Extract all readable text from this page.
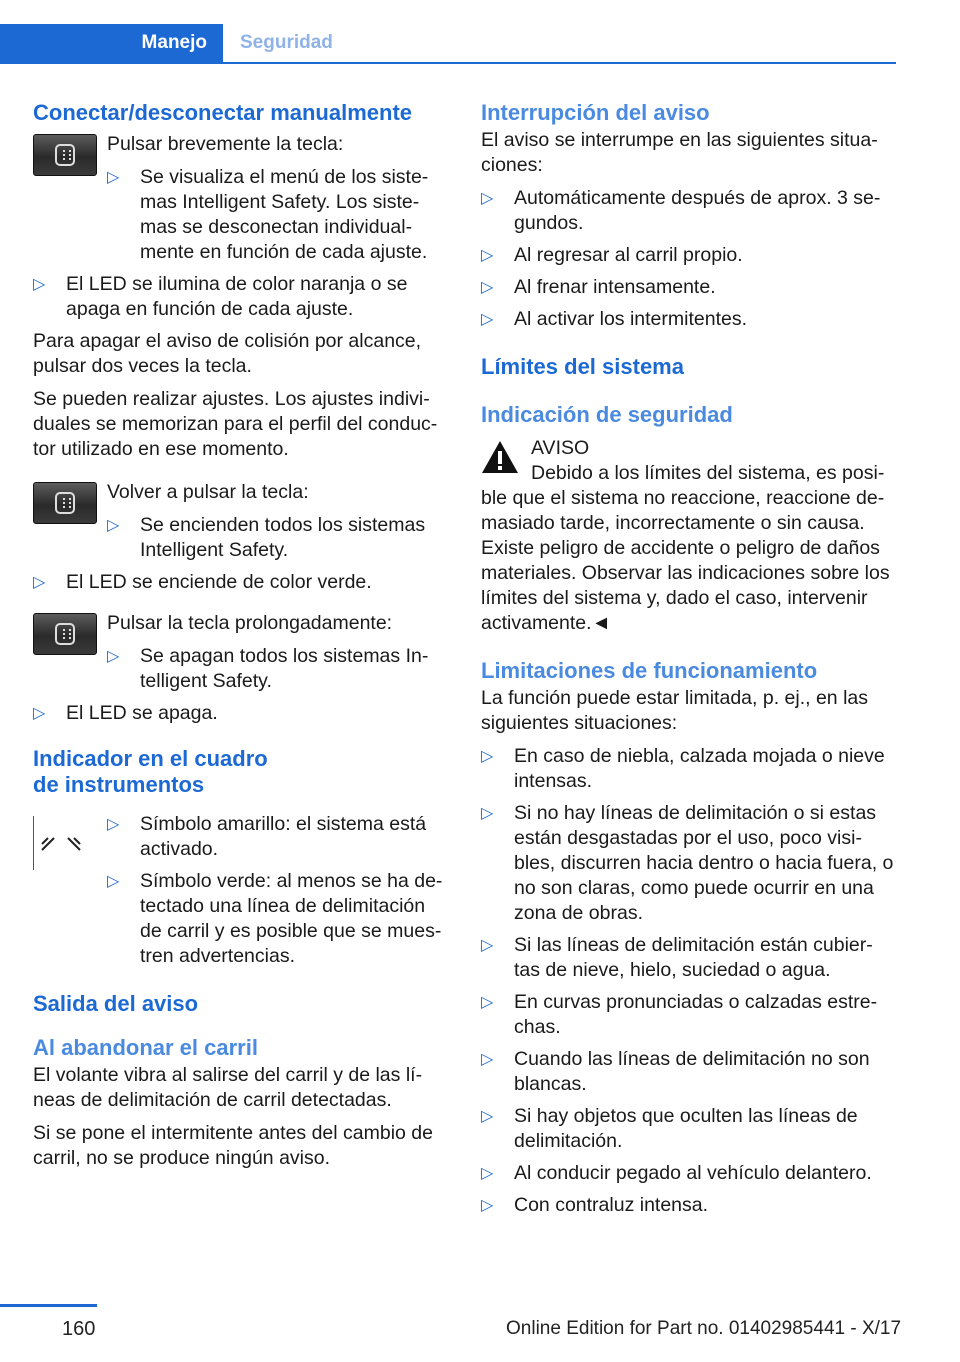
Manejo	Seguridad
Conectar/desconectar manualmente

Pulsar brevemente la tecla:

▷ Se visualiza el menú de los siste-mas Intelligent Safety. Los siste-mas se desconectan individual-mente en función de cada ajuste.
▷ El LED se ilumina de color naranja o se apaga en función de cada ajuste.

Para apagar el aviso de colisión por alcance, pulsar dos veces la tecla.

Se pueden realizar ajustes. Los ajustes indivi-duales se memorizan para el perfil del conduc-tor utilizado en ese momento.

Volver a pulsar la tecla:

▷ Se encienden todos los sistemas Intelligent Safety.
▷ El LED se enciende de color verde.

Pulsar la tecla prolongadamente:

▷ Se apagan todos los sistemas In-telligent Safety.
▷ El LED se apaga.
Indicador en el cuadro de instrumentos
▷ Símbolo amarillo: el sistema está activado.
▷ Símbolo verde: al menos se ha de-tectado una línea de delimitación de carril y es posible que se mues-tren advertencias.
Salida del aviso
Al abandonar el carril

El volante vibra al salirse del carril y de las lí-neas de delimitación de carril detectadas.

Si se pone el intermitente antes del cambio de carril, no se produce ningún aviso.

Interrupción del aviso

El aviso se interrumpe en las siguientes situa-ciones:

▷ Automáticamente después de aprox. 3 se-gundos.
▷ Al regresar al carril propio.
▷ Al frenar intensamente.
▷ Al activar los intermitentes.
Límites del sistema
Indicación de seguridad

AVISO

Debido a los límites del sistema, es posi-ble que el sistema no reaccione, reaccione de-masiado tarde, incorrectamente o sin causa. Existe peligro de accidente o peligro de daños materiales. Observar las indicaciones sobre los límites del sistema y, dado el caso, intervenir activamente.◄

Limitaciones de funcionamiento

La función puede estar limitada, p. ej., en las siguientes situaciones:

▷ En caso de niebla, calzada mojada o nieve intensas.
▷ Si no hay líneas de delimitación o si estas están desgastadas por el uso, poco visi-bles, discurren hacia dentro o hacia fuera, o no son claras, como puede ocurrir en una zona de obras.
▷ Si las líneas de delimitación están cubier-tas de nieve, hielo, suciedad o agua.
▷ En curvas pronunciadas o calzadas estre-chas.
▷ Cuando las líneas de delimitación no son blancas.
▷ Si hay objetos que oculten las líneas de delimitación.
▷ Al conducir pegado al vehículo delantero.
▷ Con contraluz intensa.
160	Online Edition for Part no. 01402985441 - X/17
